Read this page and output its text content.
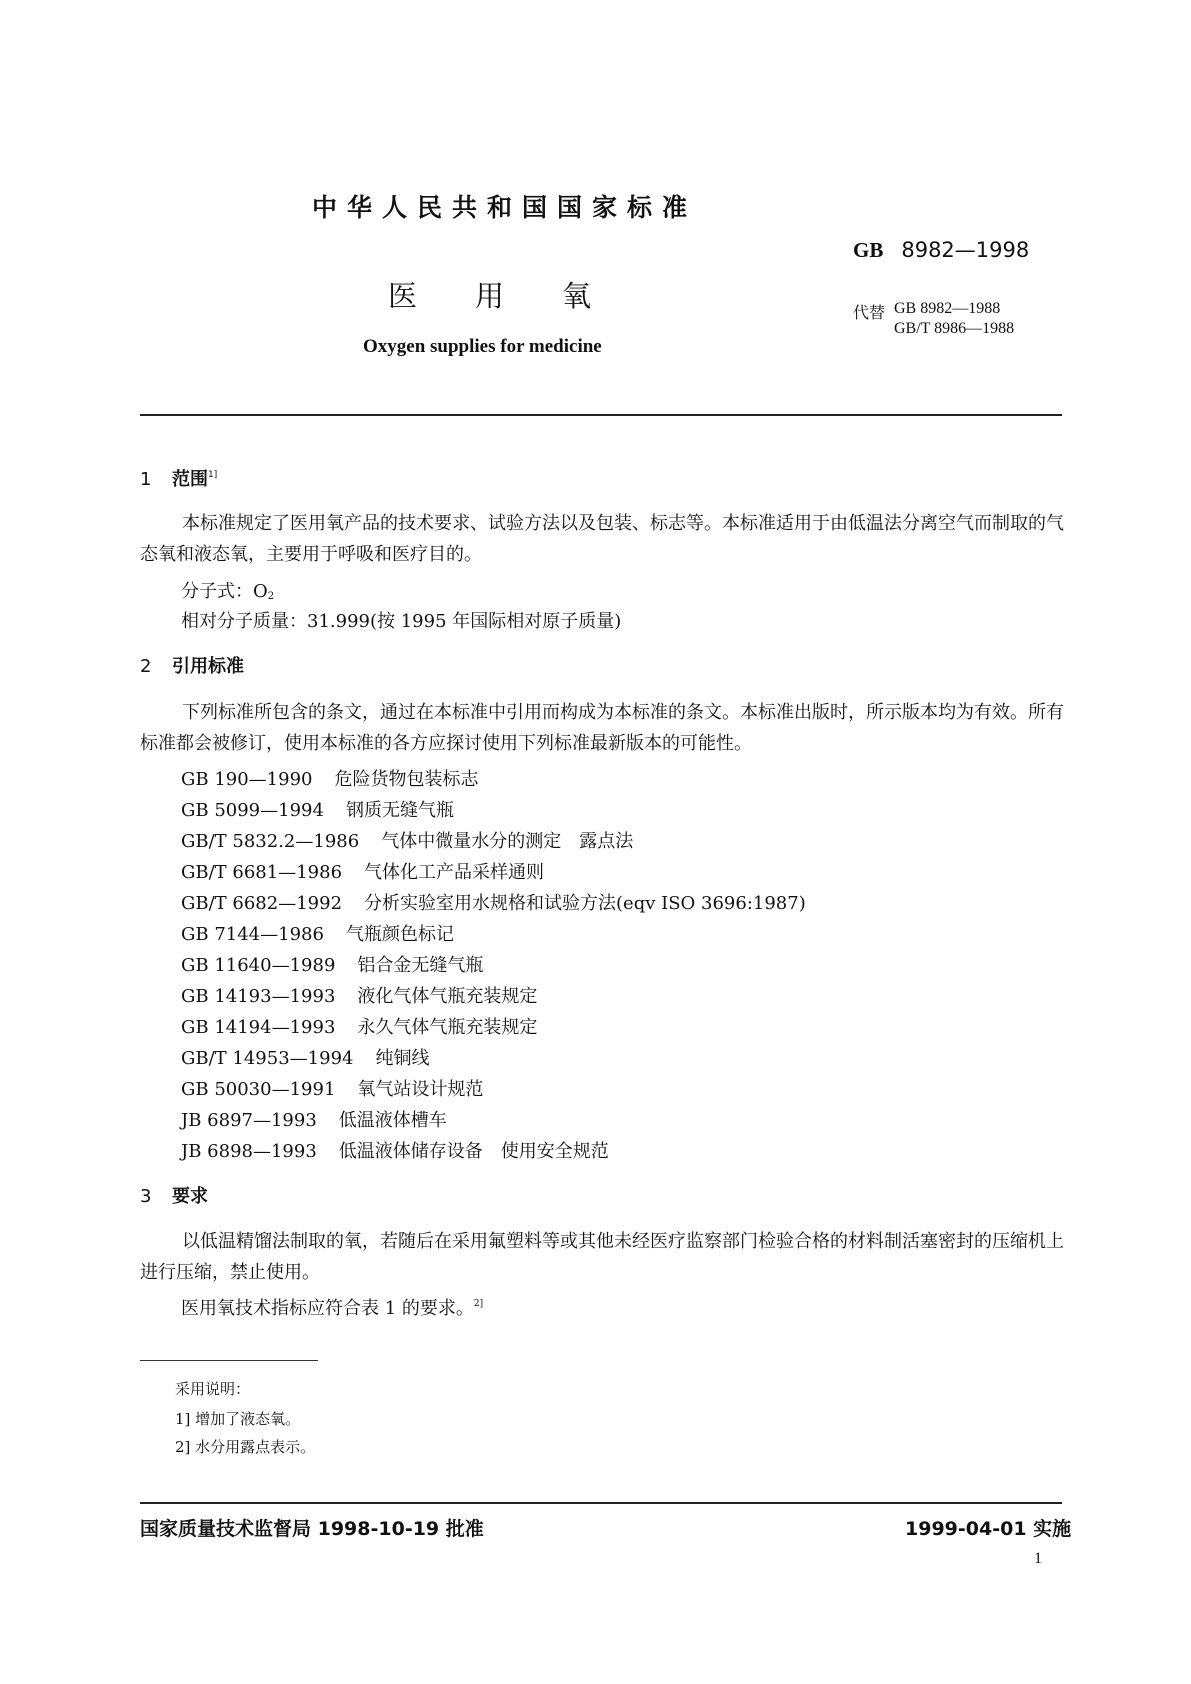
中华人民共和国国家标准
GB 8982—1998
医用氧	代替 GB 8982—1988
GB/T 8986—1988
Oxygen supplies for medicine
1 范围$^{1]}$
本标准规定了医用氧产品的技术要求、试验方法以及包装、标志等。本标准适用于由低温法分离空气而制取的气态氧和液态氧，主要用于呼吸和医疗目的。
分子式：$O_2$
相对分子质量：31.999(按 1995 年国际相对原子质量)
2 引用标准
下列标准所包含的条文，通过在本标准中引用而构成为本标准的条文。本标准出版时，所示版本均为有效。所有标准都会被修订，使用本标准的各方应探讨使用下列标准最新版本的可能性。
GB 190—1990 危险货物包装标志
GB 5099—1994 钢质无缝气瓶
GB/T 5832.2—1986 气体中微量水分的测定　露点法
GB/T 6681—1986 气体化工产品采样通则
GB/T 6682—1992 分析实验室用水规格和试验方法(eqv ISO 3696:1987)
GB 7144—1986 气瓶颜色标记
GB 11640—1989 铝合金无缝气瓶
GB 14193—1993 液化气体气瓶充装规定
GB 14194—1993 永久气体气瓶充装规定
GB/T 14953—1994 纯铜线
GB 50030—1991 氧气站设计规范
JB 6897—1993 低温液体槽车
JB 6898—1993 低温液体储存设备　使用安全规范
3 要求
以低温精馏法制取的氧，若随后在采用氟塑料等或其他未经医疗监察部门检验合格的材料制活塞密封的压缩机上进行压缩，禁止使用。
医用氧技术指标应符合表 1 的要求。$^{2]}$
采用说明：
1] 增加了液态氧。
2] 水分用露点表示。
国家质量技术监督局 1998-10-19 批准	1999-04-01 实施
1
